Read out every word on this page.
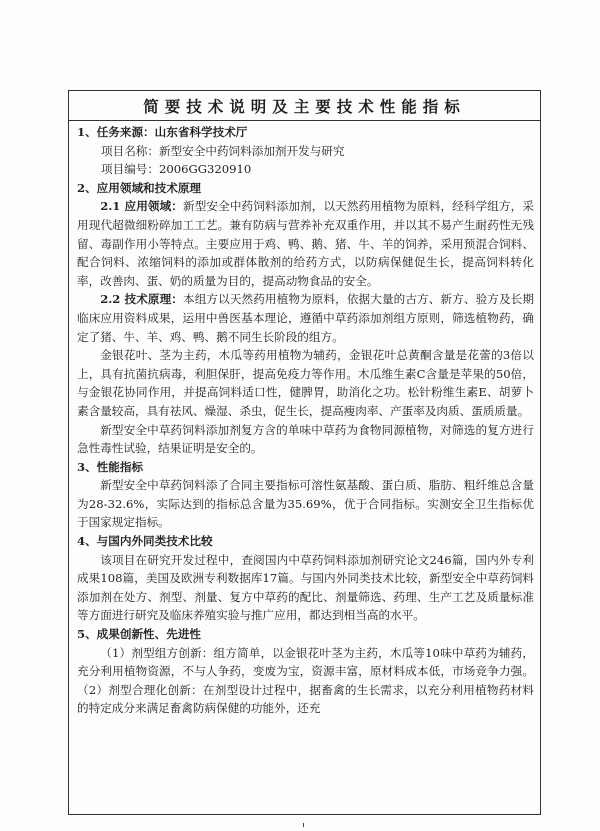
简要技术说明及主要技术性能指标

1、任务来源：山东省科学技术厅

项目名称：新型安全中药饲料添加剂开发与研究

项目编号：2006GG320910

2、应用领域和技术原理

2.1 应用领域：新型安全中药饲料添加剂，以天然药用植物为原料，经科学组方，采用现代超微细粉碎加工工艺。兼有防病与营养补充双重作用，并以其不易产生耐药性无残留、毒副作用小等特点。主要应用于鸡、鸭、鹅、猪、牛、羊的饲养，采用预混合饲料、配合饲料、浓缩饲料的添加或群体散剂的给药方式，以防病保健促生长，提高饲料转化率，改善肉、蛋、奶的质量为目的，提高动物食品的安全。

2.2 技术原理：本组方以天然药用植物为原料，依据大量的古方、新方、验方及长期临床应用资料成果，运用中兽医基本理论，遵循中草药添加剂组方原则，筛选植物药，确定了猪、牛、羊、鸡、鸭、鹅不同生长阶段的组方。

金银花叶、茎为主药，木瓜等药用植物为辅药，金银花叶总黄酮含量是花蕾的3倍以上，具有抗菌抗病毒，利胆保肝，提高免疫力等作用。木瓜维生素C含量是苹果的50倍，与金银花协同作用，并提高饲料适口性，健脾胃，助消化之功。松针粉维生素E、胡萝卜素含量较高，具有祛风、燥湿、杀虫，促生长，提高瘦肉率、产蛋率及肉质、蛋质质量。

新型安全中草药饲料添加剂复方含的单味中草药为食物同源植物，对筛选的复方进行急性毒性试验，结果证明是安全的。

3、性能指标

新型安全中草药饲料添了合同主要指标可溶性氨基酸、蛋白质、脂肪、粗纤维总含量为28-32.6%，实际达到的指标总含量为35.69%，优于合同指标。实测安全卫生指标优于国家规定指标。

4、与国内外同类技术比较

该项目在研究开发过程中，查阅国内中草药饲料添加剂研究论文246篇，国内外专利成果108篇，美国及欧洲专利数据库17篇。与国内外同类技术比较，新型安全中草药饲料添加剂在处方、剂型、剂量、复方中草药的配比、剂量筛选、药理、生产工艺及质量标准等方面进行研究及临床养殖实验与推广应用，都达到相当高的水平。

5、成果创新性、先进性

（1）剂型组方创新：组方简单，以金银花叶茎为主药，木瓜等10味中草药为辅药，充分利用植物资源，不与人争药，变废为宝，资源丰富，原材料成本低，市场竞争力强。（2）剂型合理化创新：在剂型设计过程中，据畜禽的生长需求，以充分利用植物药材料的特定成分来满足畜禽防病保健的功能外，还充
